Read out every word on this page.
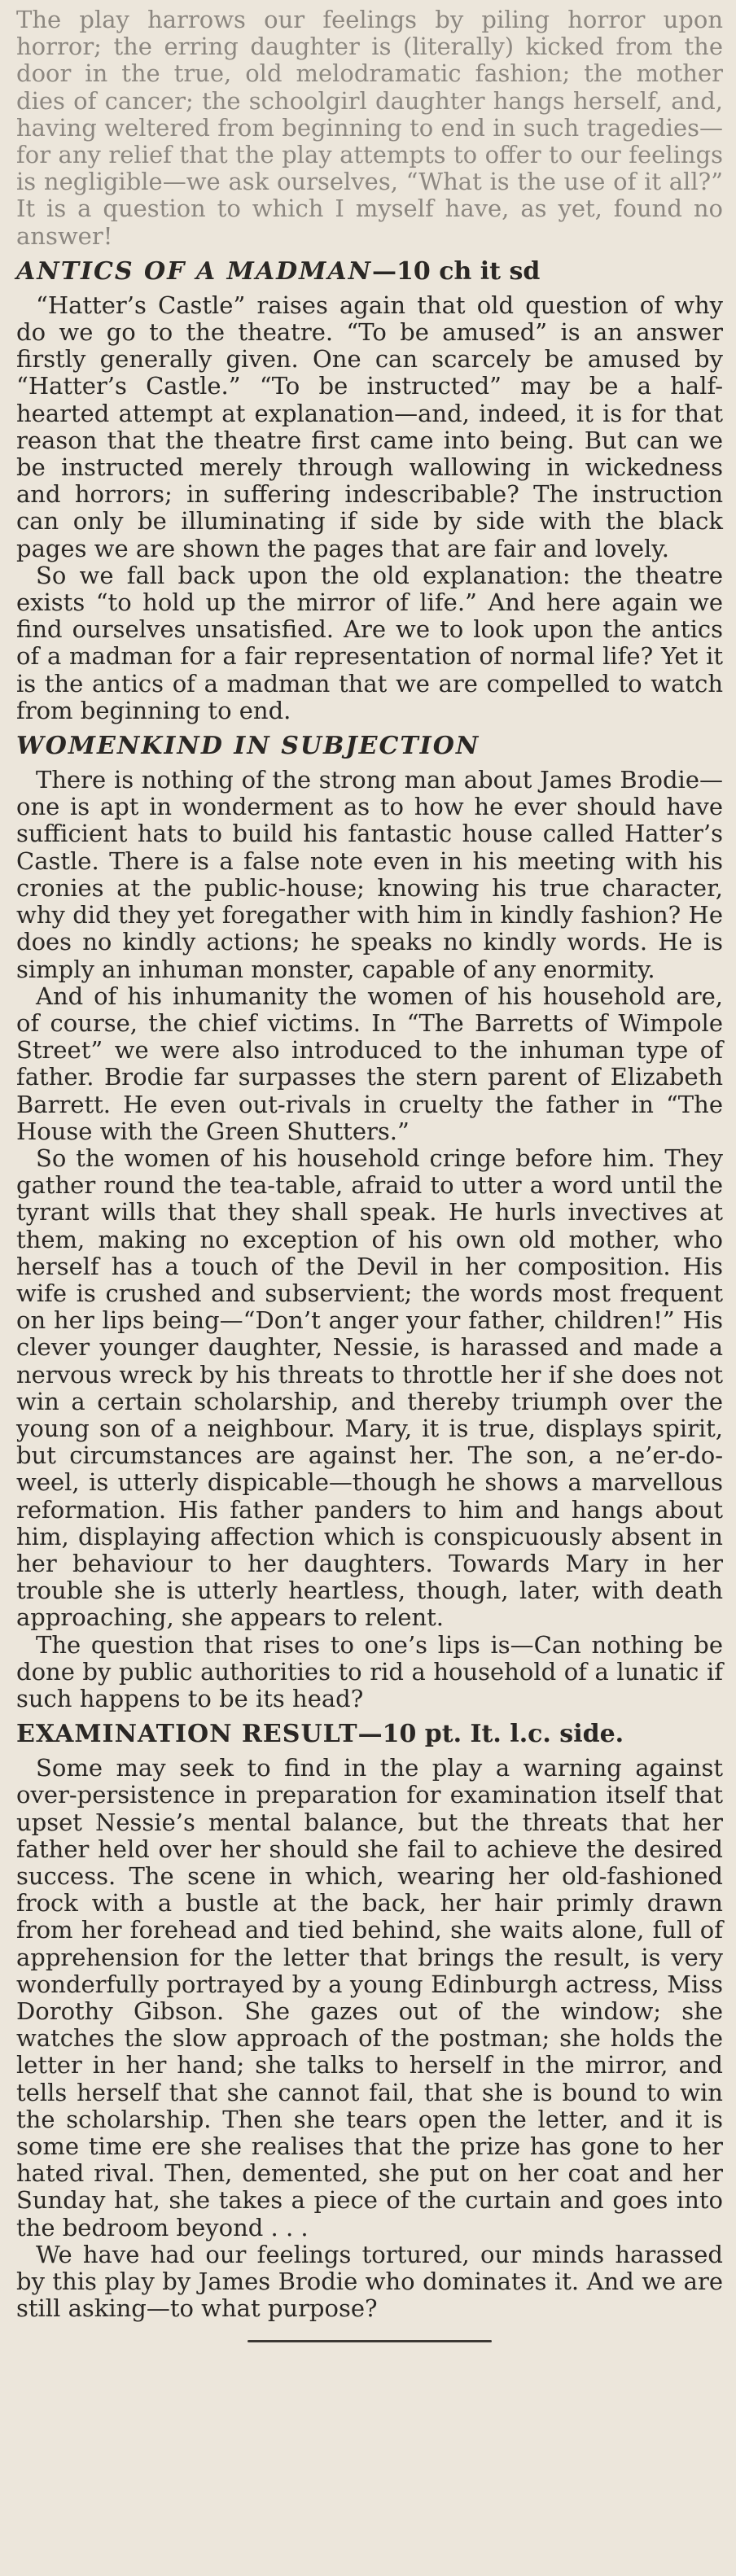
The play harrows our feelings by piling horror upon horror; the erring daughter is (literally) kicked from the door in the true, old melodramatic fashion; the mother dies of cancer; the schoolgirl daughter hangs herself, and, having weltered from beginning to end in such tragedies—for any relief that the play attempts to offer to our feelings is negligible—we ask ourselves, “What is the use of it all?” It is a question to which I myself have, as yet, found no answer!

ANTICS OF A MADMAN—10 ch it sd

“Hatter’s Castle” raises again that old question of why do we go to the theatre. “To be amused” is an answer firstly generally given. One can scarcely be amused by “Hatter’s Castle.” “To be instructed” may be a half-hearted attempt at explanation—and, indeed, it is for that reason that the theatre first came into being. But can we be instructed merely through wallowing in wickedness and horrors; in suffering indescribable? The instruction can only be illuminating if side by side with the black pages we are shown the pages that are fair and lovely.

So we fall back upon the old explanation: the theatre exists “to hold up the mirror of life.” And here again we find ourselves unsatisfied. Are we to look upon the antics of a madman for a fair representation of normal life? Yet it is the antics of a madman that we are compelled to watch from beginning to end.

WOMENKIND IN SUBJECTION

There is nothing of the strong man about James Brodie—one is apt in wonderment as to how he ever should have sufficient hats to build his fantastic house called Hatter’s Castle. There is a false note even in his meeting with his cronies at the public-house; knowing his true character, why did they yet foregather with him in kindly fashion? He does no kindly actions; he speaks no kindly words. He is simply an inhuman monster, capable of any enormity.

And of his inhumanity the women of his household are, of course, the chief victims. In “The Barretts of Wimpole Street” we were also introduced to the inhuman type of father. Brodie far surpasses the stern parent of Elizabeth Barrett. He even out-rivals in cruelty the father in “The House with the Green Shutters.”

So the women of his household cringe before him. They gather round the tea-table, afraid to utter a word until the tyrant wills that they shall speak. He hurls invectives at them, making no exception of his own old mother, who herself has a touch of the Devil in her composition. His wife is crushed and subservient; the words most frequent on her lips being—“Don’t anger your father, children!” His clever younger daughter, Nessie, is harassed and made a nervous wreck by his threats to throttle her if she does not win a certain scholarship, and thereby triumph over the young son of a neighbour. Mary, it is true, displays spirit, but circumstances are against her. The son, a ne’er-do-weel, is utterly dispicable—though he shows a marvellous reformation. His father panders to him and hangs about him, displaying affection which is conspicuously absent in her behaviour to her daughters. Towards Mary in her trouble she is utterly heartless, though, later, with death approaching, she appears to relent.

The question that rises to one’s lips is—Can nothing be done by public authorities to rid a household of a lunatic if such happens to be its head?

EXAMINATION RESULT—10 pt. It. l.c. side.

Some may seek to find in the play a warning against over-persistence in preparation for examination itself that upset Nessie’s mental balance, but the threats that her father held over her should she fail to achieve the desired success. The scene in which, wearing her old-fashioned frock with a bustle at the back, her hair primly drawn from her forehead and tied behind, she waits alone, full of apprehension for the letter that brings the result, is very wonderfully portrayed by a young Edinburgh actress, Miss Dorothy Gibson. She gazes out of the window; she watches the slow approach of the postman; she holds the letter in her hand; she talks to herself in the mirror, and tells herself that she cannot fail, that she is bound to win the scholarship. Then she tears open the letter, and it is some time ere she realises that the prize has gone to her hated rival. Then, demented, she put on her coat and her Sunday hat, she takes a piece of the curtain and goes into the bedroom beyond . . .

We have had our feelings tortured, our minds harassed by this play by James Brodie who dominates it. And we are still asking—to what purpose?
